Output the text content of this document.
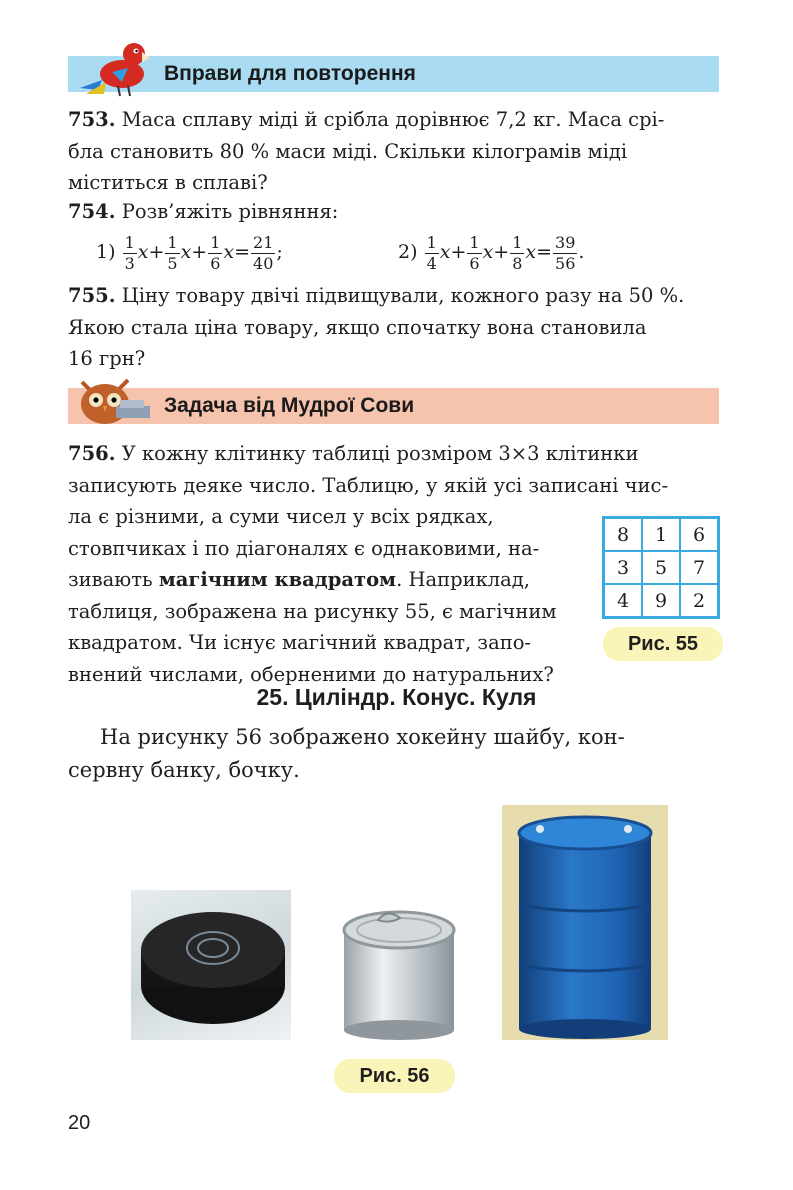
Вправи для повторення
753. Маса сплаву міді й срібла дорівнює 7,2 кг. Маса срі-
бла становить 80 % маси міді. Скільки кілограмів міді
міститься в сплаві?
754. Розв’яжіть рівняння:
$1) \frac{1}{3} x+ \frac{1}{5} x+ \frac{1}{6} x= \frac{21}{40}$ ;	$2) \frac{1}{4} x+ \frac{1}{6} x+ \frac{1}{8} x= \frac{39}{56}$ .
755. Ціну товару двічі підвищували, кожного разу на 50 %.
Якою стала ціна товару, якщо спочатку вона становила
16 грн?
Задача від Мудрої Сови
756. У кожну клітинку таблиці розміром 3×3 клітинки
записують деяке число. Таблицю, у якій усі записані чис-
ла є різними, а суми чисел у всіх рядках,
стовпчиках і по діагоналях є однаковими, на-
зивають магічним квадратом. Наприклад,
таблиця, зображена на рисунку 55, є магічним
квадратом. Чи існує магічний квадрат, запо-
внений числами, оберненими до натуральних?
8	1	6
3	5	7
4	9	2
Рис. 55
25. Циліндр. Конус. Куля
На рисунку 56 зображено хокейну шайбу, кон-
сервну банку, бочку.
Рис. 56
20
